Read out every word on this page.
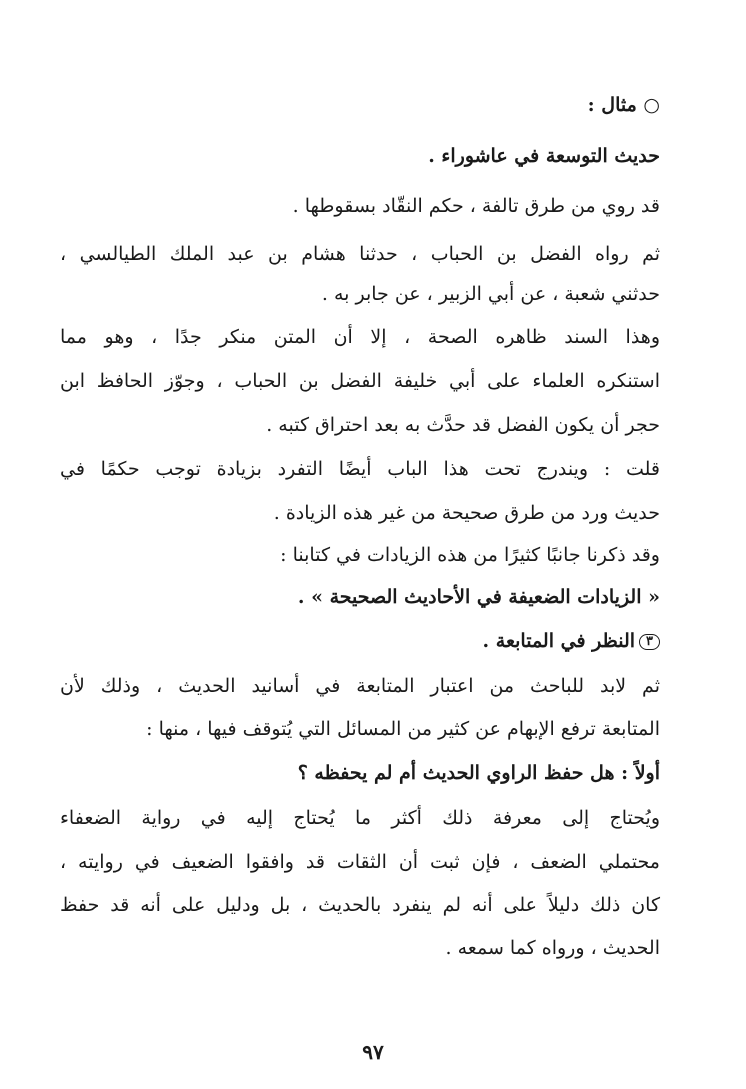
○ مثال :
حديث التوسعة في عاشوراء .
قد روي من طرق تالفة ، حكم النقّاد بسقوطها .
ثم رواه الفضل بن الحباب ، حدثنا هشام بن عبد الملك الطيالسي ،
حدثني شعبة ، عن أبي الزبير ، عن جابر به .
وهذا السند ظاهره الصحة ، إلا أن المتن منكر جدًا ، وهو مما
استنكره العلماء على أبي خليفة الفضل بن الحباب ، وجوّز الحافظ ابن
حجر أن يكون الفضل قد حدَّث به بعد احتراق كتبه .
قلت : ويندرج تحت هذا الباب أيضًا التفرد بزيادة توجب حكمًا في
حديث ورد من طرق صحيحة من غير هذه الزيادة .
وقد ذكرنا جانبًا كثيرًا من هذه الزيادات في كتابنا :
« الزيادات الضعيفة في الأحاديث الصحيحة » .
٣النظر في المتابعة .
ثم لابد للباحث من اعتبار المتابعة في أسانيد الحديث ، وذلك لأن
المتابعة ترفع الإبهام عن كثير من المسائل التي يُتوقف فيها ، منها :
أولاً : هل حفظ الراوي الحديث أم لم يحفظه ؟
ويُحتاج إلى معرفة ذلك أكثر ما يُحتاج إليه في رواية الضعفاء
محتملي الضعف ، فإن ثبت أن الثقات قد وافقوا الضعيف في روايته ،
كان ذلك دليلاً على أنه لم ينفرد بالحديث ، بل ودليل على أنه قد حفظ
الحديث ، ورواه كما سمعه .
٩٧
